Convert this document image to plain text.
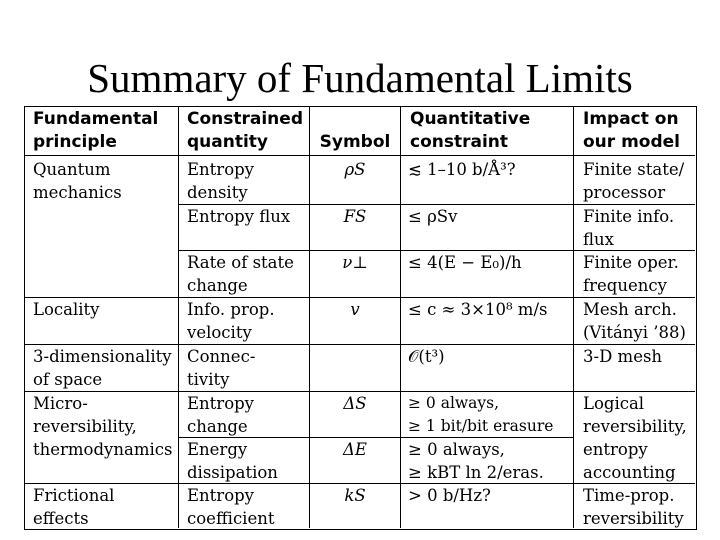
Summary of Fundamental Limits
Fundamental
principle
Constrained
quantity	Symbol
Quantitative
constraint
Impact on
our model
Quantum
mechanics
Locality
3-dimensionality
of space
Micro-
reversibility,
thermodynamics
Frictional
effects
Entropy
density
Entropy flux
Rate of state
change
Info. prop.
velocity
Connec-
tivity
Entropy
change
Energy
dissipation
Entropy
coefficient
ρS
FS
ν⊥
v
ΔS
ΔE
kS
≲ 1–10 b/Å³?
≤ ρSv
≤ 4(E − E₀)/h
≤ c ≈ 3×10⁸ m/s
𝒪(t³)
≥ 0 always,
≥ 1 bit/bit erasure
≥ 0 always,
≥ kBT ln 2/eras.
> 0 b/Hz?
Finite state/
processor
Finite info.
flux
Finite oper.
frequency
Mesh arch.
(Vitányi ’88)
3-D mesh
Logical
reversibility,
entropy
accounting
Time-prop.
reversibility
